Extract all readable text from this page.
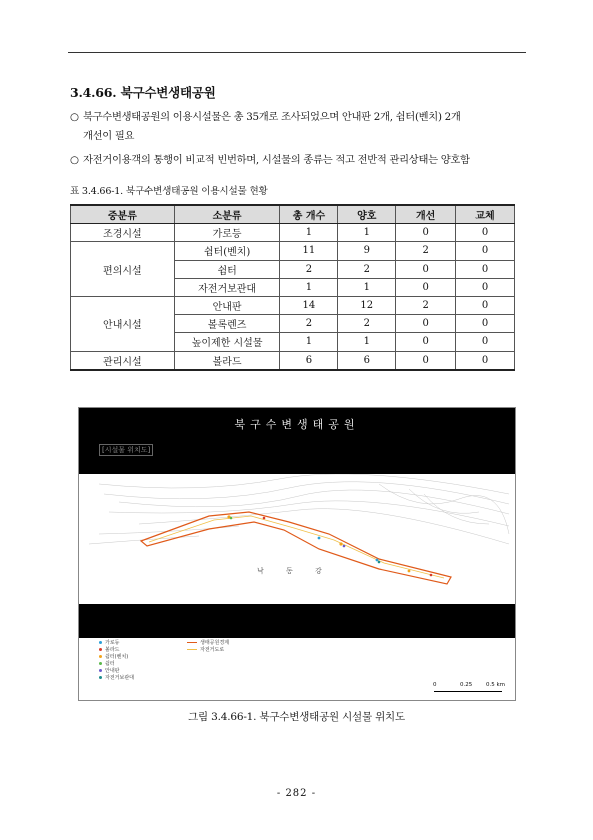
3.4.66. 북구수변생태공원
○ 북구수변생태공원의 이용시설물은 총 35개로 조사되었으며 안내판 2개, 쉼터(벤치) 2개
개선이 필요
○ 자전거이용객의 통행이 비교적 빈번하며, 시설물의 종류는 적고 전반적 관리상태는 양호함
표 3.4.66-1. 북구수변생태공원 이용시설물 현황
중분류	소분류	총 개수	양호	개선	교체
조경시설	가로등	1	1	0	0
편의시설	쉼터(벤치)	11	9	2	0
	쉼터	2	2	0	0
	자전거보관대	1	1	0	0
안내시설	안내판	14	12	2	0
	볼록렌즈	2	2	0	0
	높이제한 시설물	1	1	0	0
관리시설	볼라드	6	6	0	0
북구수변생태공원
[시설물 위치도]
낙 동 강
가로등	생태공원경계
볼라드	자전거도로
쉼터(벤치)
쉼터
안내판
자전거보관대
0	0.25	0.5 km
그림 3.4.66-1. 북구수변생태공원 시설물 위치도
- 282 -
